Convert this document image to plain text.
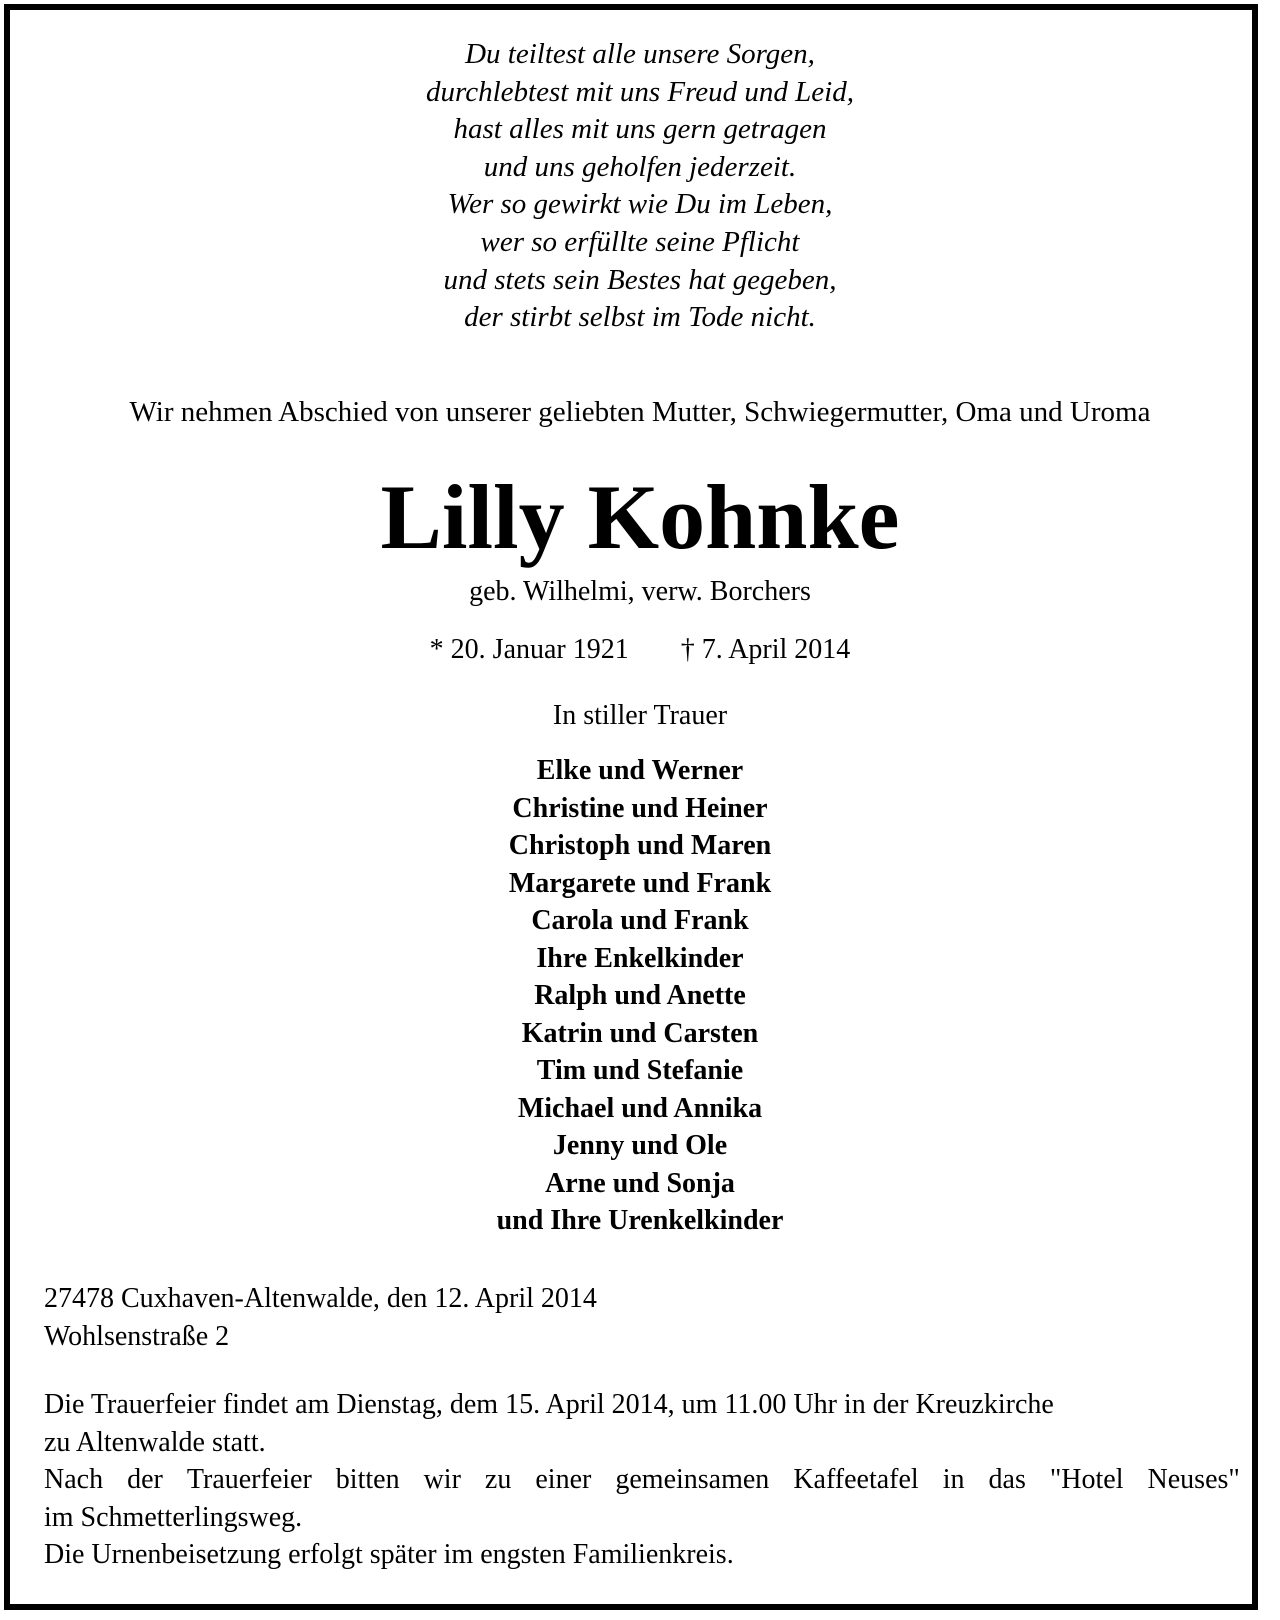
Du teiltest alle unsere Sorgen,
durchlebtest mit uns Freud und Leid,
hast alles mit uns gern getragen
und uns geholfen jederzeit.
Wer so gewirkt wie Du im Leben,
wer so erfüllte seine Pflicht
und stets sein Bestes hat gegeben,
der stirbt selbst im Tode nicht.
Wir nehmen Abschied von unserer geliebten Mutter, Schwiegermutter, Oma und Uroma
Lilly Kohnke
geb. Wilhelmi, verw. Borchers
* 20. Januar 1921 † 7. April 2014
In stiller Trauer
Elke und Werner
Christine und Heiner
Christoph und Maren
Margarete und Frank
Carola und Frank
Ihre Enkelkinder
Ralph und Anette
Katrin und Carsten
Tim und Stefanie
Michael und Annika
Jenny und Ole
Arne und Sonja
und Ihre Urenkelkinder
27478 Cuxhaven-Altenwalde, den 12. April 2014
Wohlsenstraße 2
Die Trauerfeier findet am Dienstag, dem 15. April 2014, um 11.00 Uhr in der Kreuzkirche
zu Altenwalde statt.
Nach der Trauerfeier bitten wir zu einer gemeinsamen Kaffeetafel in das "Hotel Neuses"
im Schmetterlingsweg.
Die Urnenbeisetzung erfolgt später im engsten Familienkreis.
